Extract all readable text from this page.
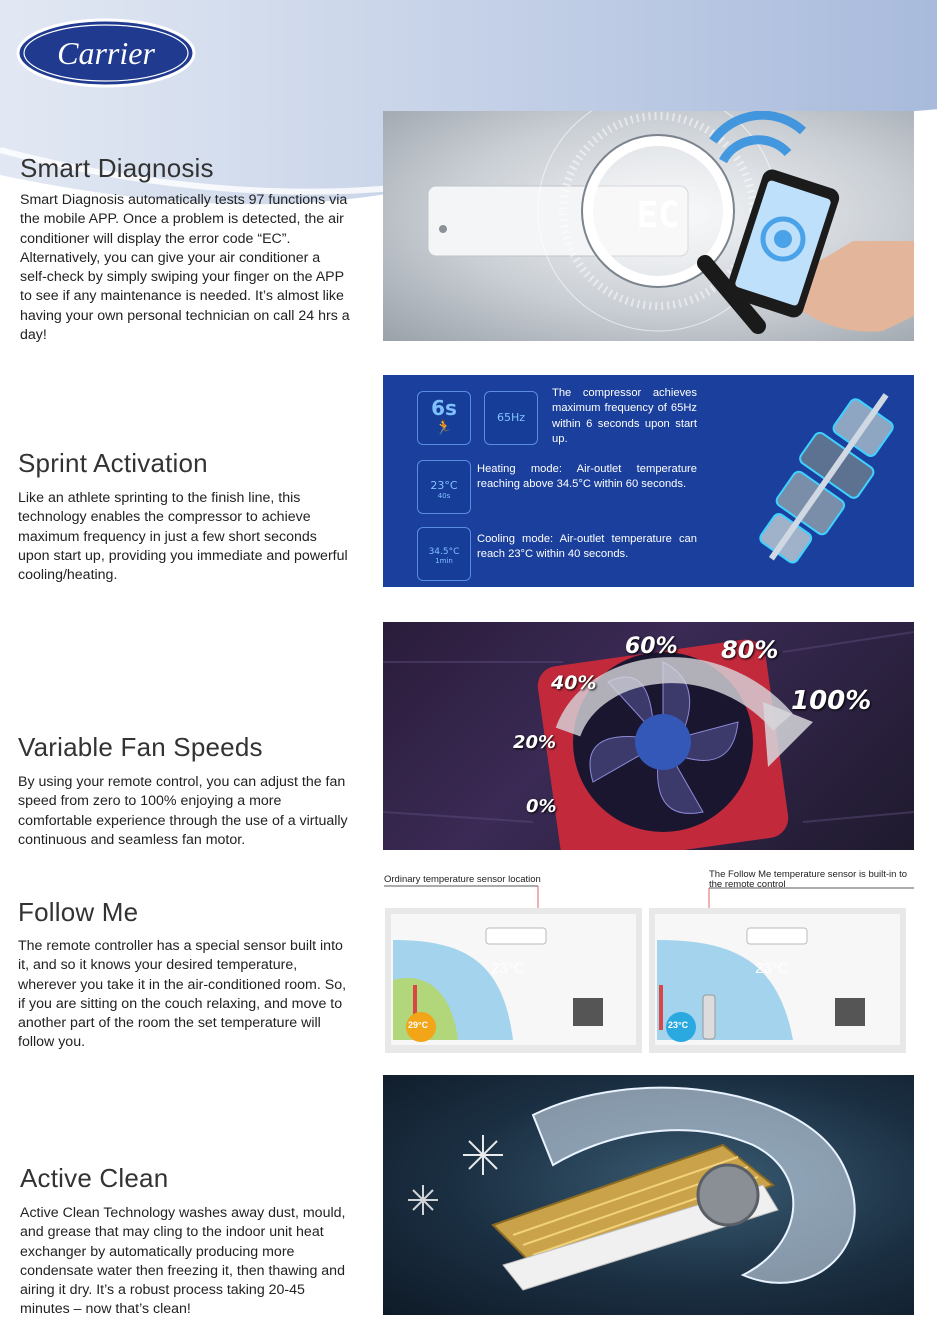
Carrier
Smart Diagnosis

Smart Diagnosis automatically tests 97 functions via the mobile APP. Once a problem is detected, the air conditioner will display the error code “EC”. Alternatively, you can give your air conditioner a self-check by simply swiping your finger on the APP to see if any maintenance is needed. It’s almost like having your own personal technician on call 24 hrs a day!

EC
Sprint Activation

Like an athlete sprinting to the finish line, this technology enables the compressor to achieve maximum frequency in just a few short seconds upon start up, providing you immediate and powerful cooling/heating.

6s
🏃
65Hz
The compressor achieves maximum frequency of 65Hz within 6 seconds upon start up.
23°C
40s
Heating mode: Air-outlet temperature reaching above 34.5°C within 60 seconds.
34.5°C
1min
Cooling mode: Air-outlet temperature can reach 23°C within 40 seconds.
Variable Fan Speeds

By using your remote control, you can adjust the fan speed from zero to 100% enjoying a more comfortable experience through the use of a virtually continuous and seamless fan motor.

0%
20%
40%
60% 80%
100%
Follow Me

The remote controller has a special sensor built into it, and so it knows your desired temperature, wherever you take it in the air-conditioned room. So, if you are sitting on the couch relaxing, and move to another part of the room the set temperature will follow you.

Ordinary temperature sensor location	The Follow Me temperature sensor is built-in to the remote control
23°C	23°C
29°C	23°C
Active Clean

Active Clean Technology washes away dust, mould, and grease that may cling to the indoor unit heat exchanger by automatically producing more condensate water then freezing it, then thawing and airing it dry. It’s a robust process taking 20-45 minutes – now that’s clean!
